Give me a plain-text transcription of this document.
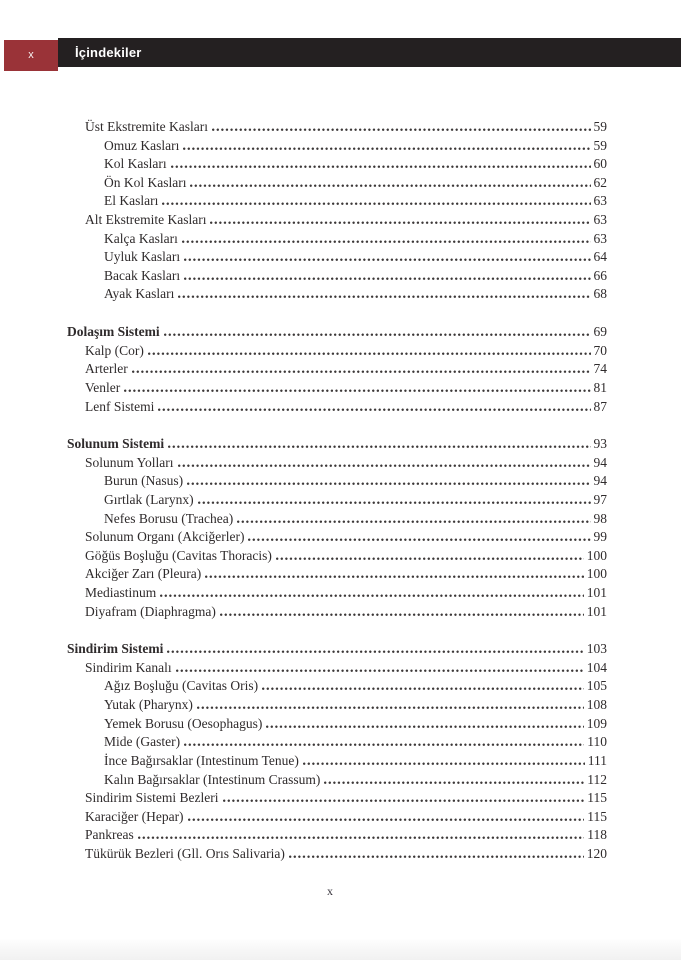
İçindekiler
x
Üst Ekstremite Kasları	59
Omuz Kasları	59
Kol Kasları	60
Ön Kol Kasları	62
El Kasları	63
Alt Ekstremite Kasları	63
Kalça Kasları	63
Uyluk Kasları	64
Bacak Kasları	66
Ayak Kasları	68
Dolaşım Sistemi	69
Kalp (Cor)	70
Arterler	74
Venler	81
Lenf Sistemi	87
Solunum Sistemi	93
Solunum Yolları	94
Burun (Nasus)	94
Gırtlak (Larynx)	97
Nefes Borusu (Trachea)	98
Solunum Organı (Akciğerler)	99
Göğüs Boşluğu (Cavitas Thoracis)	100
Akciğer Zarı (Pleura)	100
Mediastinum	101
Diyafram (Diaphragma)	101
Sindirim Sistemi	103
Sindirim Kanalı	104
Ağız Boşluğu (Cavitas Oris)	105
Yutak (Pharynx)	108
Yemek Borusu (Oesophagus)	109
Mide (Gaster)	110
İnce Bağırsaklar (Intestinum Tenue)	111
Kalın Bağırsaklar (Intestinum Crassum)	112
Sindirim Sistemi Bezleri	115
Karaciğer (Hepar)	115
Pankreas	118
Tükürük Bezleri (Gll. Orıs Salivaria)	120
x
